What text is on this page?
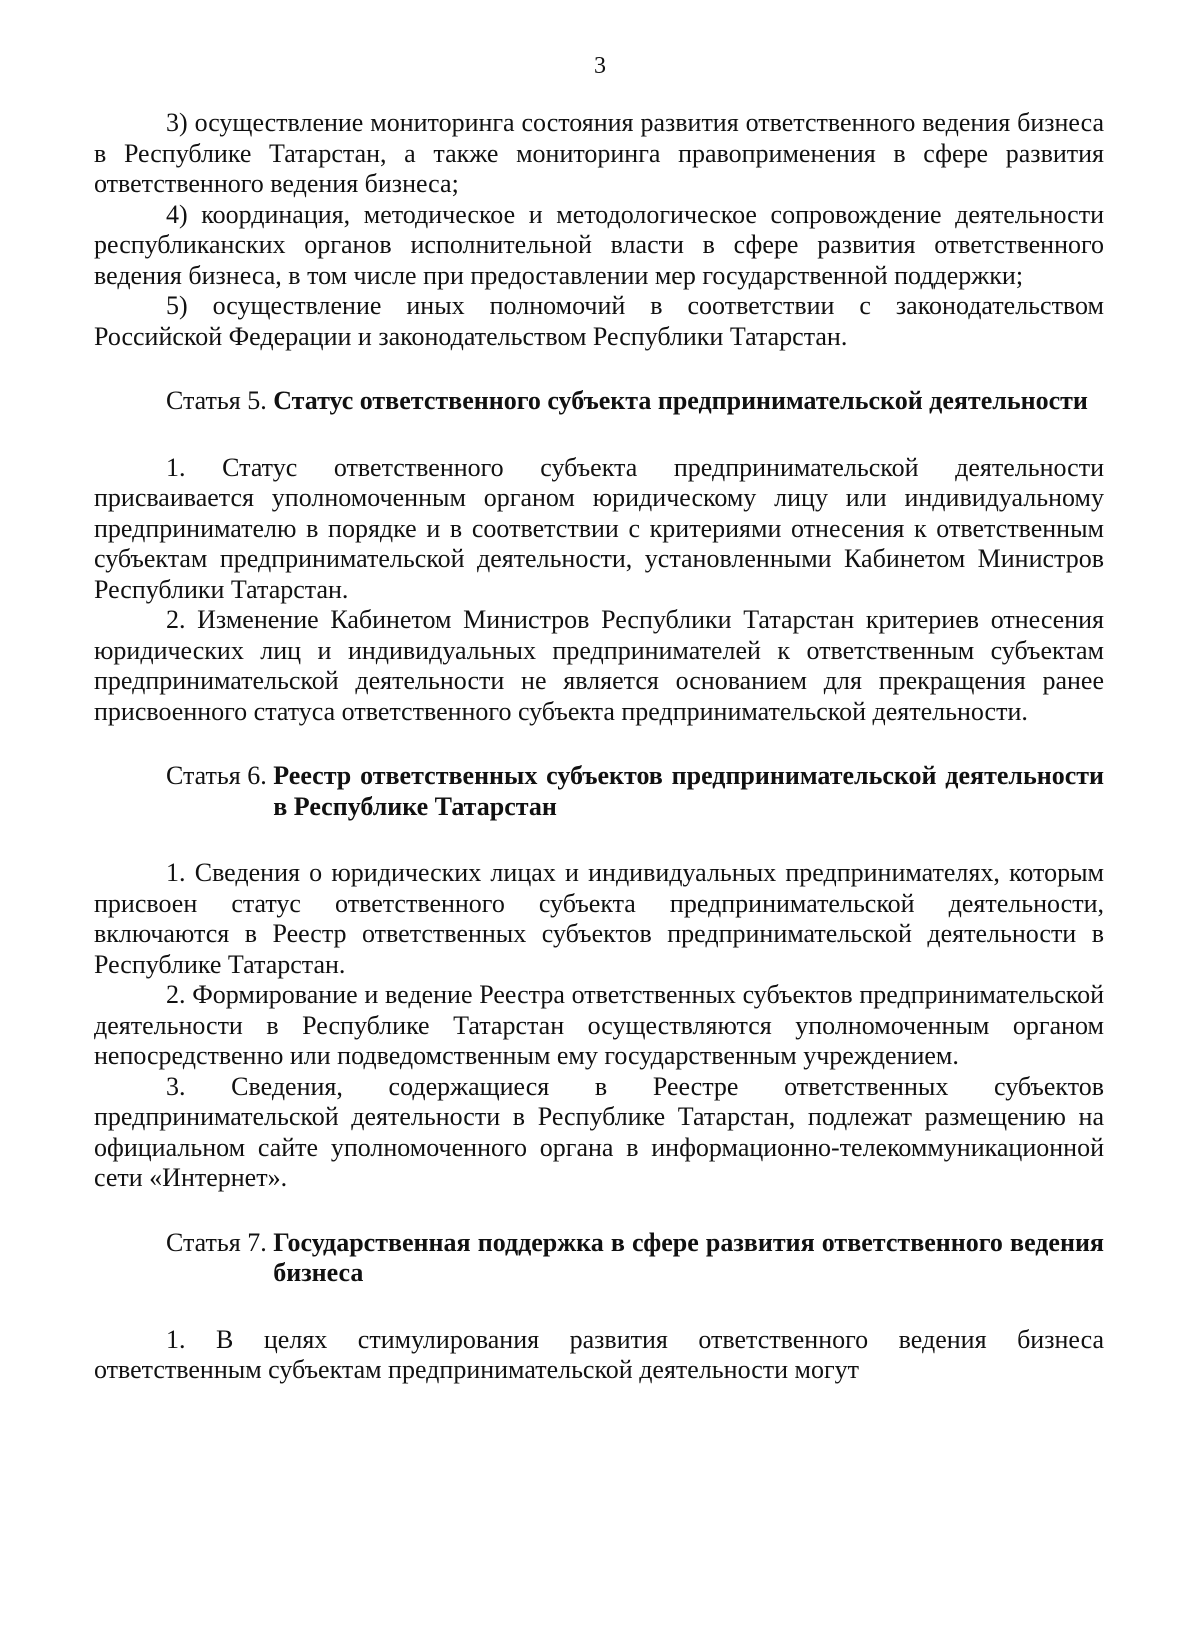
3

3) осуществление мониторинга состояния развития ответственного ведения бизнеса в Республике Татарстан, а также мониторинга правоприменения в сфере развития ответственного ведения бизнеса;

4) координация, методическое и методологическое сопровождение деятельности республиканских органов исполнительной власти в сфере развития ответственного ведения бизнеса, в том числе при предоставлении мер государственной поддержки;

5) осуществление иных полномочий в соответствии с законодательством Российской Федерации и законодательством Республики Татарстан.

Статья 5. Статус ответственного субъекта предпринимательской деятельности

1. Статус ответственного субъекта предпринимательской деятельности присваивается уполномоченным органом юридическому лицу или индивидуальному предпринимателю в порядке и в соответствии с критериями отнесения к ответственным субъектам предпринимательской деятельности, установленными Кабинетом Министров Республики Татарстан.

2. Изменение Кабинетом Министров Республики Татарстан критериев отнесения юридических лиц и индивидуальных предпринимателей к ответственным субъектам предпринимательской деятельности не является основанием для прекращения ранее присвоенного статуса ответственного субъекта предпринимательской деятельности.

Статья 6. Реестр ответственных субъектов предпринимательской деятельности в Республике Татарстан

1. Сведения о юридических лицах и индивидуальных предпринимателях, которым присвоен статус ответственного субъекта предпринимательской деятельности, включаются в Реестр ответственных субъектов предпринимательской деятельности в Республике Татарстан.

2. Формирование и ведение Реестра ответственных субъектов предпринимательской деятельности в Республике Татарстан осуществляются уполномоченным органом непосредственно или подведомственным ему государственным учреждением.

3. Сведения, содержащиеся в Реестре ответственных субъектов предпринимательской деятельности в Республике Татарстан, подлежат размещению на официальном сайте уполномоченного органа в информационно-телекоммуникационной сети «Интернет».

Статья 7. Государственная поддержка в сфере развития ответственного ведения бизнеса

1. В целях стимулирования развития ответственного ведения бизнеса ответственным субъектам предпринимательской деятельности могут
